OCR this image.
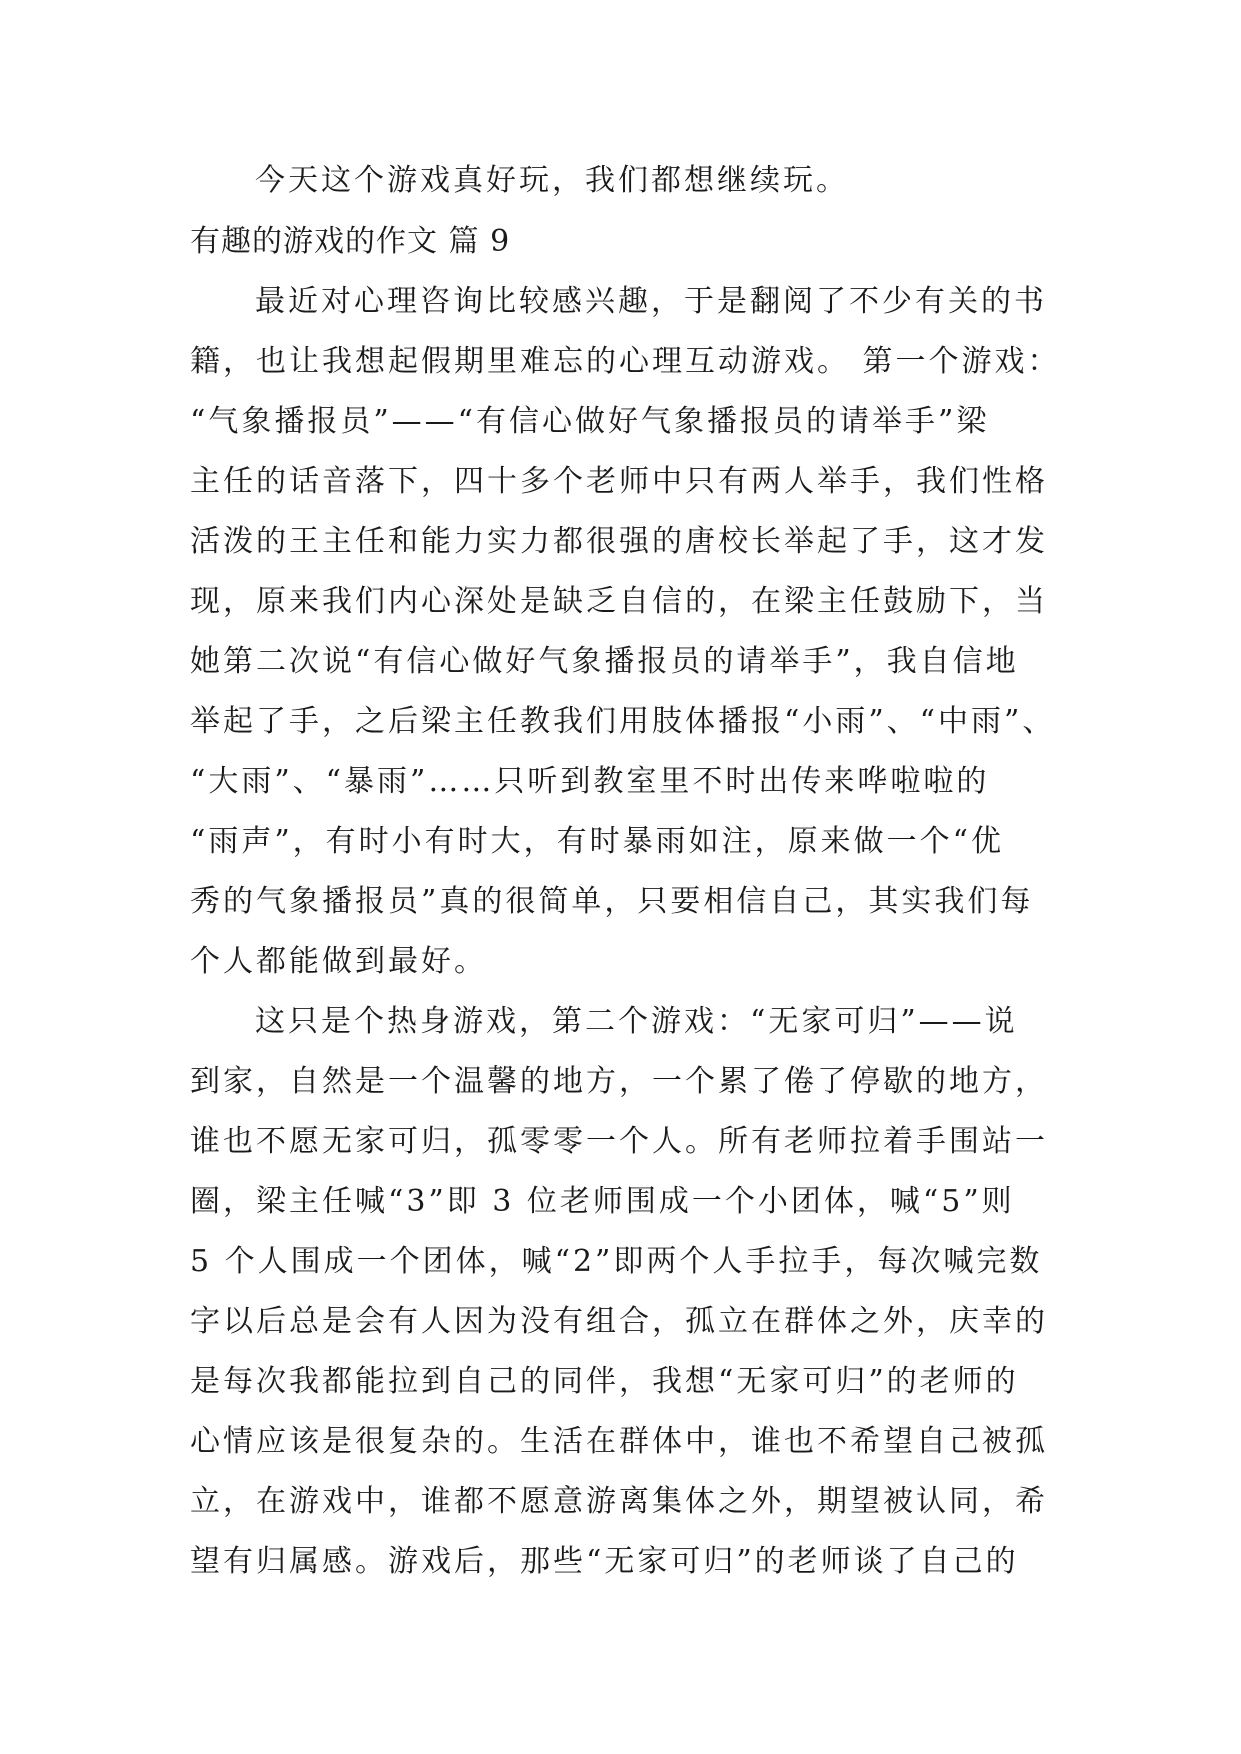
今天这个游戏真好玩，我们都想继续玩。

有趣的游戏的作文 篇 9

最近对心理咨询比较感兴趣，于是翻阅了不少有关的书

籍，也让我想起假期里难忘的心理互动游戏。 第一个游戏：

“气象播报员”——“有信心做好气象播报员的请举手”梁

主任的话音落下，四十多个老师中只有两人举手，我们性格

活泼的王主任和能力实力都很强的唐校长举起了手，这才发

现，原来我们内心深处是缺乏自信的，在梁主任鼓励下，当

她第二次说“有信心做好气象播报员的请举手”，我自信地

举起了手，之后梁主任教我们用肢体播报“小雨”、“中雨”、

“大雨”、“暴雨”……只听到教室里不时出传来哗啦啦的

“雨声”，有时小有时大，有时暴雨如注，原来做一个“优

秀的气象播报员”真的很简单，只要相信自己，其实我们每

个人都能做到最好。

这只是个热身游戏，第二个游戏：“无家可归”——说

到家，自然是一个温馨的地方，一个累了倦了停歇的地方，

谁也不愿无家可归，孤零零一个人。所有老师拉着手围站一

圈，梁主任喊“3”即 3 位老师围成一个小团体，喊“5”则

5 个人围成一个团体，喊“2”即两个人手拉手，每次喊完数

字以后总是会有人因为没有组合，孤立在群体之外，庆幸的

是每次我都能拉到自己的同伴，我想“无家可归”的老师的

心情应该是很复杂的。生活在群体中，谁也不希望自己被孤

立，在游戏中，谁都不愿意游离集体之外，期望被认同，希

望有归属感。游戏后，那些“无家可归”的老师谈了自己的
